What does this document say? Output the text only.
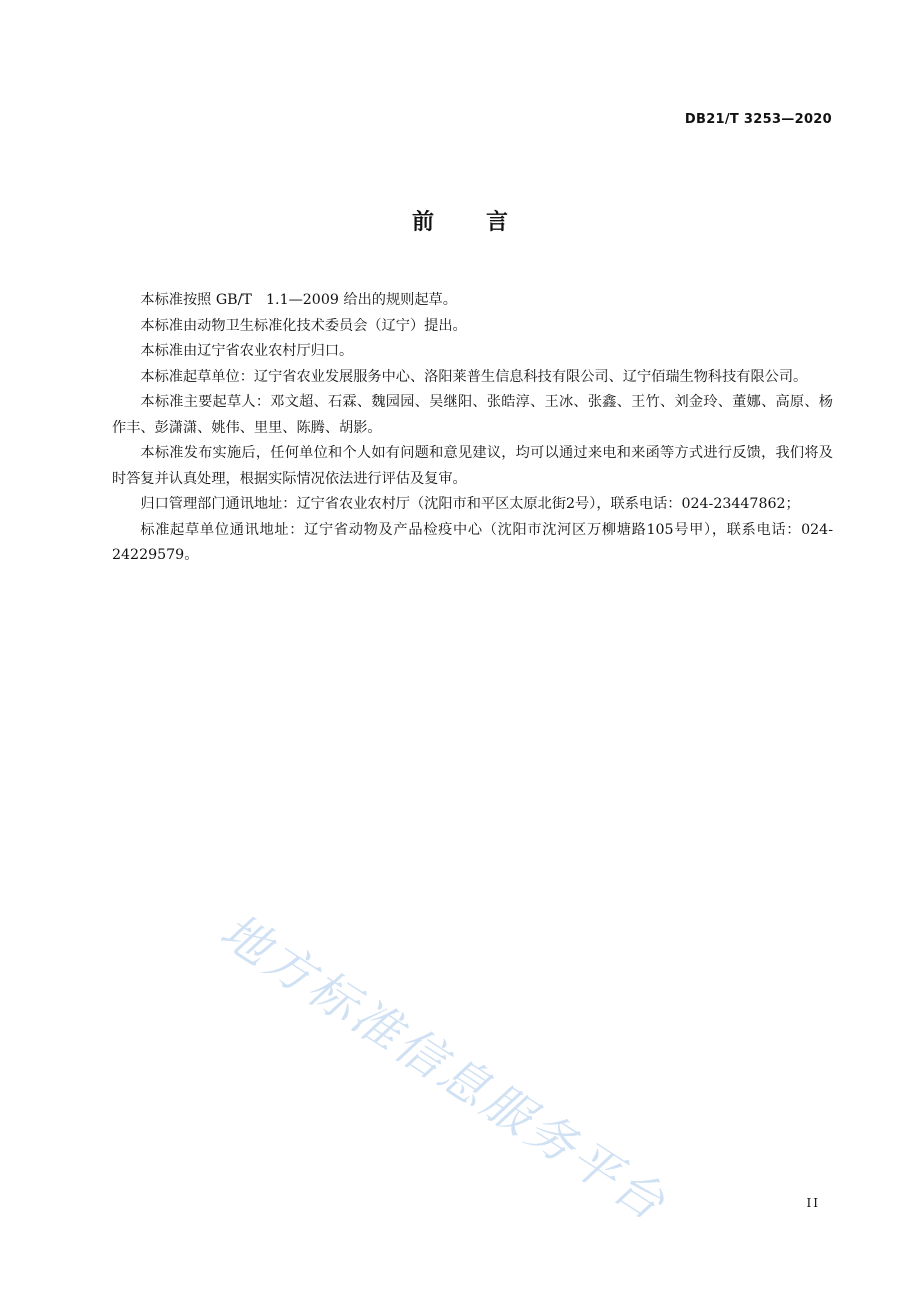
DB21/T 3253—2020
前言

本标准按照 GB/T　1.1—2009 给出的规则起草。

本标准由动物卫生标准化技术委员会（辽宁）提出。

本标准由辽宁省农业农村厅归口。

本标准起草单位：辽宁省农业发展服务中心、洛阳莱普生信息科技有限公司、辽宁佰瑞生物科技有限公司。

本标准主要起草人：邓文超、石霖、魏园园、吴继阳、张皓淳、王冰、张鑫、王竹、刘金玲、董娜、高原、杨作丰、彭潇潇、姚伟、里里、陈腾、胡影。

本标准发布实施后，任何单位和个人如有问题和意见建议，均可以通过来电和来函等方式进行反馈，我们将及时答复并认真处理，根据实际情况依法进行评估及复审。

归口管理部门通讯地址：辽宁省农业农村厅（沈阳市和平区太原北街2号），联系电话：024-23447862；

标准起草单位通讯地址：辽宁省动物及产品检疫中心（沈阳市沈河区万柳塘路105号甲），联系电话：024-24229579。

地方标准信息服务平台	II
